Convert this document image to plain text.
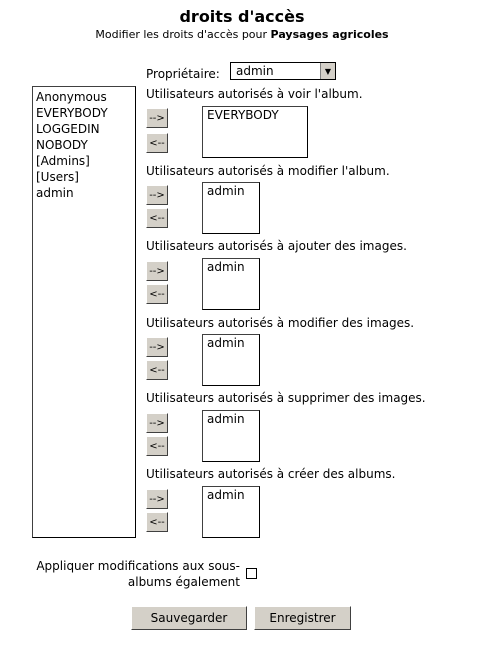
droits d'accès
Modifier les droits d'accès pour Paysages agricoles
Propriétaire: admin	▼
Anonymous
EVERYBODY
LOGGEDIN
NOBODY
[Admins]
[Users]
admin
Utilisateurs autorisés à voir l'album.
-->
<--
EVERYBODY
Utilisateurs autorisés à modifier l'album.
-->
<--
admin
Utilisateurs autorisés à ajouter des images.
-->
<--
admin
Utilisateurs autorisés à modifier des images.
-->
<--
admin
Utilisateurs autorisés à supprimer des images.
-->
<--
admin
Utilisateurs autorisés à créer des albums.
-->
<--
admin
Appliquer modifications aux sous-
albums également
Sauvegarder	Enregistrer
